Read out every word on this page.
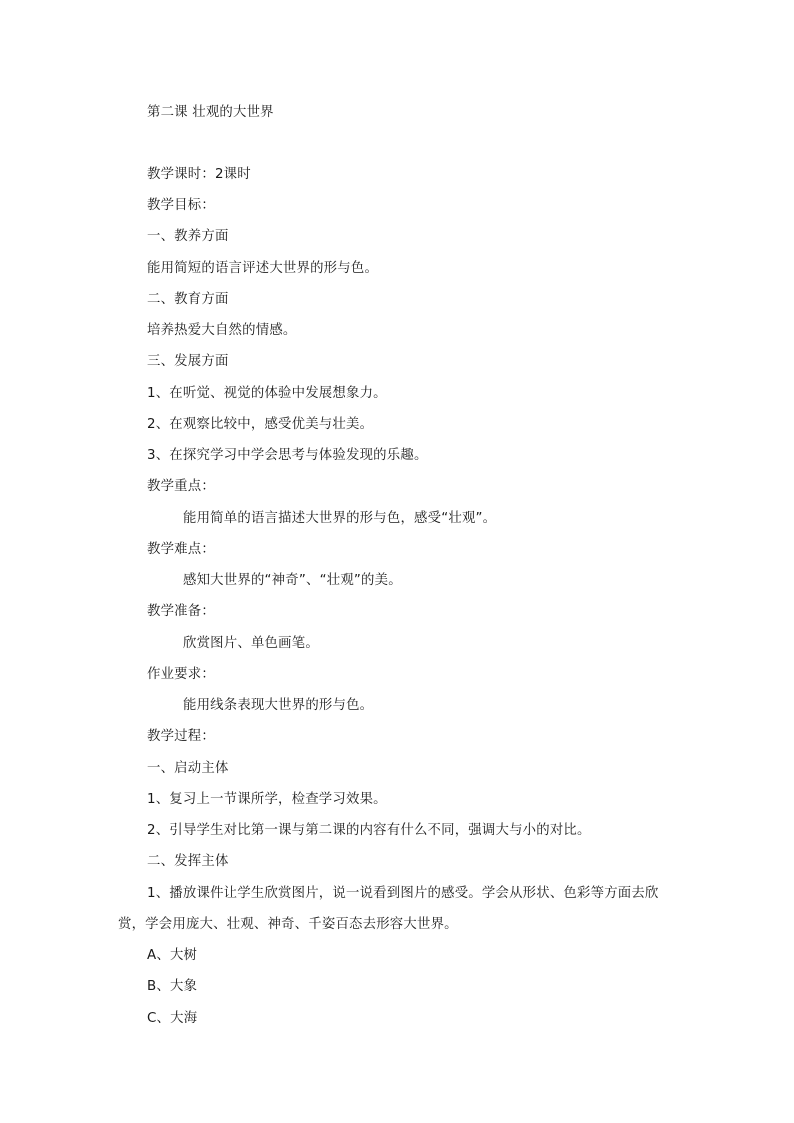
第二课 壮观的大世界
教学课时：2课时
教学目标：
一、教养方面
能用简短的语言评述大世界的形与色。
二、教育方面
培养热爱大自然的情感。
三、发展方面
1、在听觉、视觉的体验中发展想象力。
2、在观察比较中，感受优美与壮美。
3、在探究学习中学会思考与体验发现的乐趣。
教学重点：
能用简单的语言描述大世界的形与色，感受“壮观”。
教学难点：
感知大世界的“神奇”、“壮观”的美。
教学准备：
欣赏图片、单色画笔。
作业要求：
能用线条表现大世界的形与色。
教学过程：
一、启动主体
1、复习上一节课所学，检查学习效果。
2、引导学生对比第一课与第二课的内容有什么不同，强调大与小的对比。
二、发挥主体
1、播放课件让学生欣赏图片，说一说看到图片的感受。学会从形状、色彩等方面去欣赏，学会用庞大、壮观、神奇、千姿百态去形容大世界。
A、大树
B、大象
C、大海
